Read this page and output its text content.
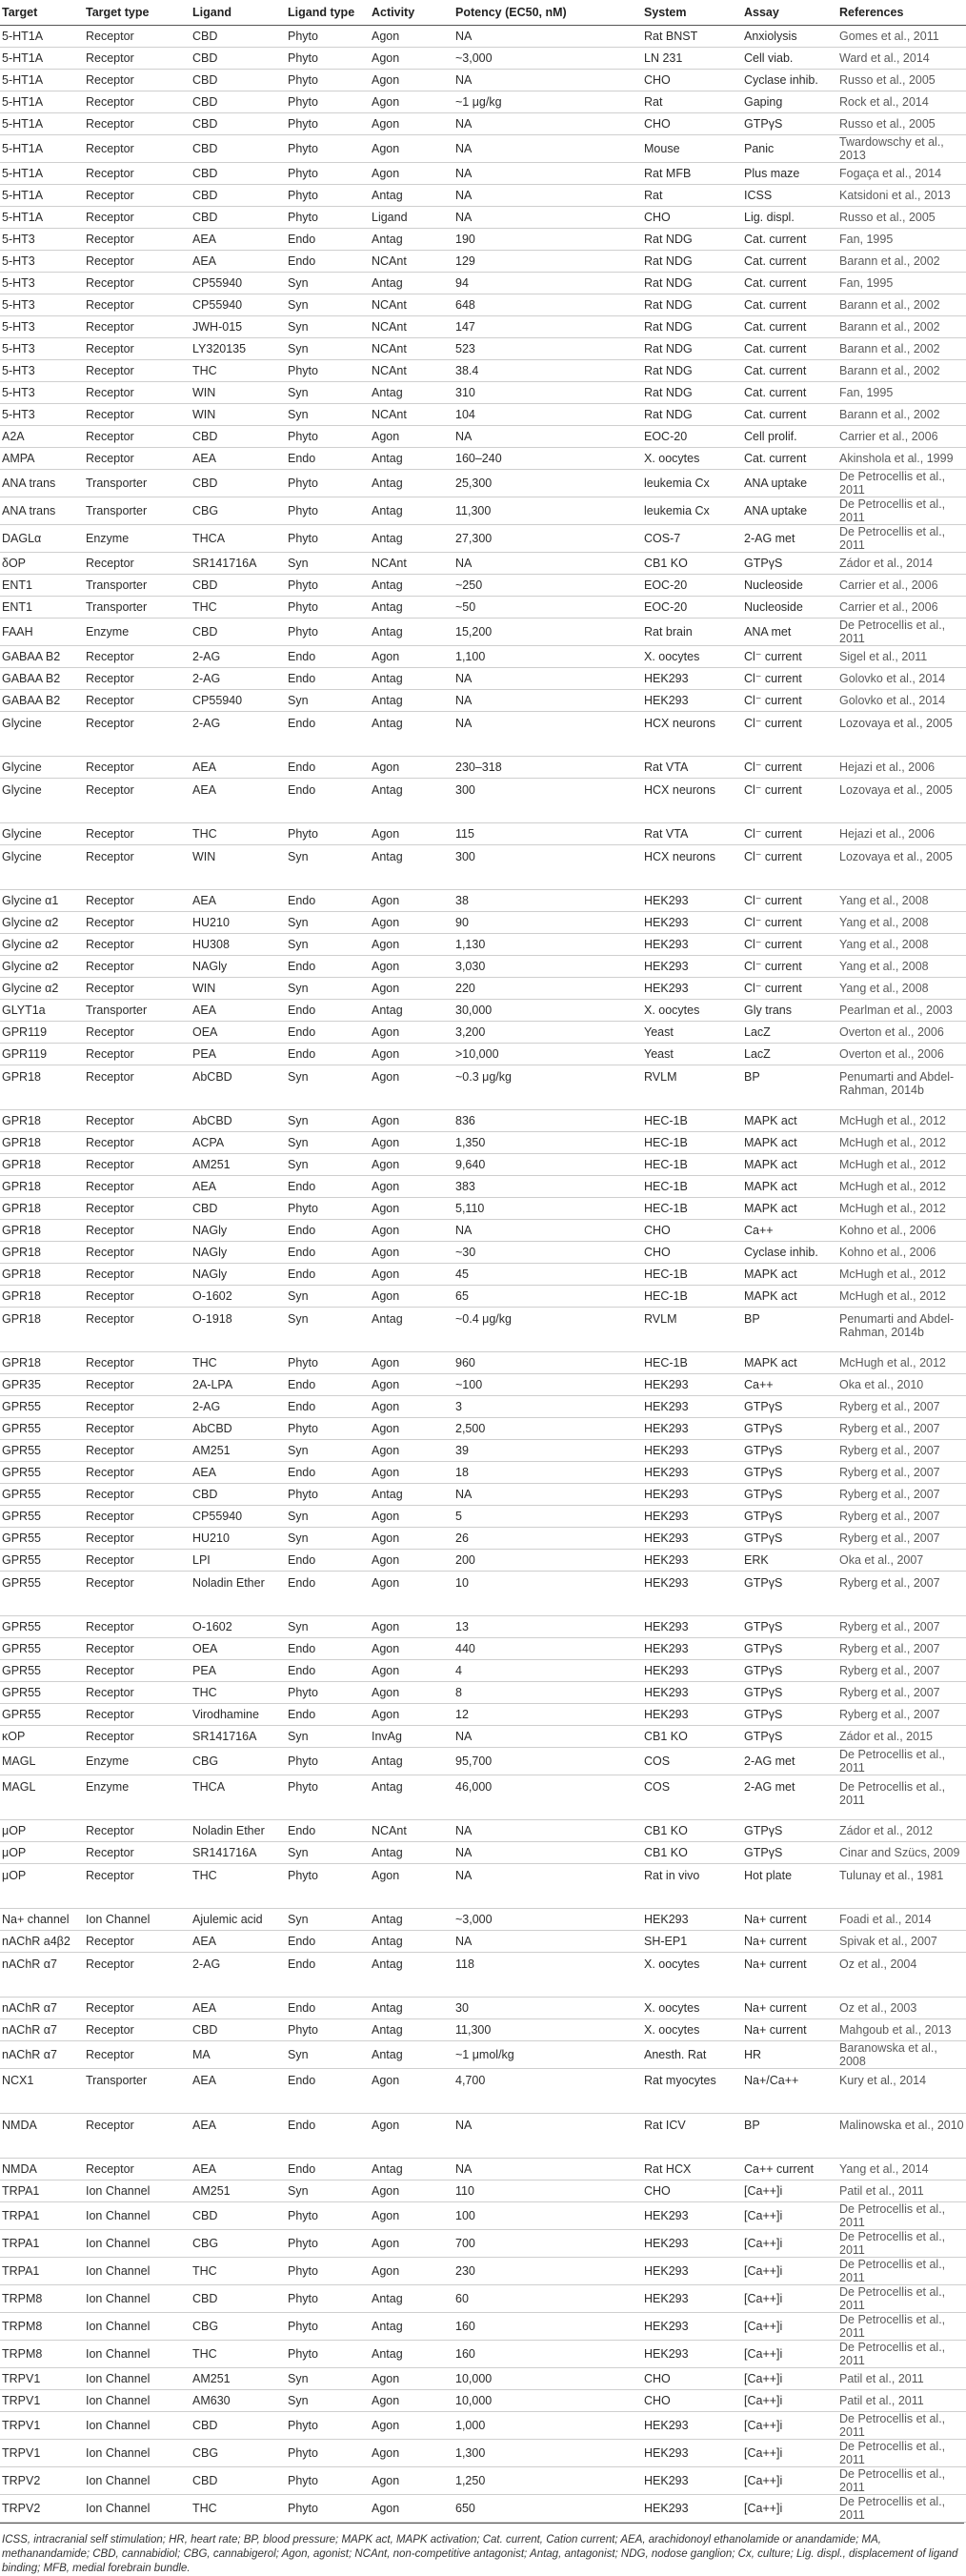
Target	Target type	Ligand	Ligand type	Activity	Potency (EC50, nM)	System	Assay	References
5-HT1A	Receptor	CBD	Phyto	Agon	NA	Rat BNST	Anxiolysis	Gomes et al., 2011
5-HT1A	Receptor	CBD	Phyto	Agon	~3,000	LN 231	Cell viab.	Ward et al., 2014
5-HT1A	Receptor	CBD	Phyto	Agon	NA	CHO	Cyclase inhib.	Russo et al., 2005
5-HT1A	Receptor	CBD	Phyto	Agon	~1 μg/kg	Rat	Gaping	Rock et al., 2014
5-HT1A	Receptor	CBD	Phyto	Agon	NA	CHO	GTPγS	Russo et al., 2005
5-HT1A	Receptor	CBD	Phyto	Agon	NA	Mouse	Panic	Twardowschy et al., 2013
5-HT1A	Receptor	CBD	Phyto	Agon	NA	Rat MFB	Plus maze	Fogaça et al., 2014
5-HT1A	Receptor	CBD	Phyto	Antag	NA	Rat	ICSS	Katsidoni et al., 2013
5-HT1A	Receptor	CBD	Phyto	Ligand	NA	CHO	Lig. displ.	Russo et al., 2005
5-HT3	Receptor	AEA	Endo	Antag	190	Rat NDG	Cat. current	Fan, 1995
5-HT3	Receptor	AEA	Endo	NCAnt	129	Rat NDG	Cat. current	Barann et al., 2002
5-HT3	Receptor	CP55940	Syn	Antag	94	Rat NDG	Cat. current	Fan, 1995
5-HT3	Receptor	CP55940	Syn	NCAnt	648	Rat NDG	Cat. current	Barann et al., 2002
5-HT3	Receptor	JWH-015	Syn	NCAnt	147	Rat NDG	Cat. current	Barann et al., 2002
5-HT3	Receptor	LY320135	Syn	NCAnt	523	Rat NDG	Cat. current	Barann et al., 2002
5-HT3	Receptor	THC	Phyto	NCAnt	38.4	Rat NDG	Cat. current	Barann et al., 2002
5-HT3	Receptor	WIN	Syn	Antag	310	Rat NDG	Cat. current	Fan, 1995
5-HT3	Receptor	WIN	Syn	NCAnt	104	Rat NDG	Cat. current	Barann et al., 2002
A2A	Receptor	CBD	Phyto	Agon	NA	EOC-20	Cell prolif.	Carrier et al., 2006
AMPA	Receptor	AEA	Endo	Antag	160–240	X. oocytes	Cat. current	Akinshola et al., 1999
ANA trans	Transporter	CBD	Phyto	Antag	25,300	leukemia Cx	ANA uptake	De Petrocellis et al., 2011
ANA trans	Transporter	CBG	Phyto	Antag	11,300	leukemia Cx	ANA uptake	De Petrocellis et al., 2011
DAGLα	Enzyme	THCA	Phyto	Antag	27,300	COS-7	2-AG met	De Petrocellis et al., 2011
δOP	Receptor	SR141716A	Syn	NCAnt	NA	CB1 KO	GTPγS	Zádor et al., 2014
ENT1	Transporter	CBD	Phyto	Antag	~250	EOC-20	Nucleoside	Carrier et al., 2006
ENT1	Transporter	THC	Phyto	Antag	~50	EOC-20	Nucleoside	Carrier et al., 2006
FAAH	Enzyme	CBD	Phyto	Antag	15,200	Rat brain	ANA met	De Petrocellis et al., 2011
GABAA B2	Receptor	2-AG	Endo	Agon	1,100	X. oocytes	Cl⁻ current	Sigel et al., 2011
GABAA B2	Receptor	2-AG	Endo	Antag	NA	HEK293	Cl⁻ current	Golovko et al., 2014
GABAA B2	Receptor	CP55940	Syn	Antag	NA	HEK293	Cl⁻ current	Golovko et al., 2014
Glycine	Receptor	2-AG	Endo	Antag	NA	HCX neurons	Cl⁻ current	Lozovaya et al., 2005
Glycine	Receptor	AEA	Endo	Agon	230–318	Rat VTA	Cl⁻ current	Hejazi et al., 2006
Glycine	Receptor	AEA	Endo	Antag	300	HCX neurons	Cl⁻ current	Lozovaya et al., 2005
Glycine	Receptor	THC	Phyto	Agon	115	Rat VTA	Cl⁻ current	Hejazi et al., 2006
Glycine	Receptor	WIN	Syn	Antag	300	HCX neurons	Cl⁻ current	Lozovaya et al., 2005
Glycine α1	Receptor	AEA	Endo	Agon	38	HEK293	Cl⁻ current	Yang et al., 2008
Glycine α2	Receptor	HU210	Syn	Agon	90	HEK293	Cl⁻ current	Yang et al., 2008
Glycine α2	Receptor	HU308	Syn	Agon	1,130	HEK293	Cl⁻ current	Yang et al., 2008
Glycine α2	Receptor	NAGly	Endo	Agon	3,030	HEK293	Cl⁻ current	Yang et al., 2008
Glycine α2	Receptor	WIN	Syn	Agon	220	HEK293	Cl⁻ current	Yang et al., 2008
GLYT1a	Transporter	AEA	Endo	Antag	30,000	X. oocytes	Gly trans	Pearlman et al., 2003
GPR119	Receptor	OEA	Endo	Agon	3,200	Yeast	LacZ	Overton et al., 2006
GPR119	Receptor	PEA	Endo	Agon	>10,000	Yeast	LacZ	Overton et al., 2006
GPR18	Receptor	AbCBD	Syn	Agon	~0.3 μg/kg	RVLM	BP	Penumarti and Abdel-Rahman, 2014b
GPR18	Receptor	AbCBD	Syn	Agon	836	HEC-1B	MAPK act	McHugh et al., 2012
GPR18	Receptor	ACPA	Syn	Agon	1,350	HEC-1B	MAPK act	McHugh et al., 2012
GPR18	Receptor	AM251	Syn	Agon	9,640	HEC-1B	MAPK act	McHugh et al., 2012
GPR18	Receptor	AEA	Endo	Agon	383	HEC-1B	MAPK act	McHugh et al., 2012
GPR18	Receptor	CBD	Phyto	Agon	5,110	HEC-1B	MAPK act	McHugh et al., 2012
GPR18	Receptor	NAGly	Endo	Agon	NA	CHO	Ca++	Kohno et al., 2006
GPR18	Receptor	NAGly	Endo	Agon	~30	CHO	Cyclase inhib.	Kohno et al., 2006
GPR18	Receptor	NAGly	Endo	Agon	45	HEC-1B	MAPK act	McHugh et al., 2012
GPR18	Receptor	O-1602	Syn	Agon	65	HEC-1B	MAPK act	McHugh et al., 2012
GPR18	Receptor	O-1918	Syn	Antag	~0.4 μg/kg	RVLM	BP	Penumarti and Abdel-Rahman, 2014b
GPR18	Receptor	THC	Phyto	Agon	960	HEC-1B	MAPK act	McHugh et al., 2012
GPR35	Receptor	2A-LPA	Endo	Agon	~100	HEK293	Ca++	Oka et al., 2010
GPR55	Receptor	2-AG	Endo	Agon	3	HEK293	GTPγS	Ryberg et al., 2007
GPR55	Receptor	AbCBD	Phyto	Agon	2,500	HEK293	GTPγS	Ryberg et al., 2007
GPR55	Receptor	AM251	Syn	Agon	39	HEK293	GTPγS	Ryberg et al., 2007
GPR55	Receptor	AEA	Endo	Agon	18	HEK293	GTPγS	Ryberg et al., 2007
GPR55	Receptor	CBD	Phyto	Antag	NA	HEK293	GTPγS	Ryberg et al., 2007
GPR55	Receptor	CP55940	Syn	Agon	5	HEK293	GTPγS	Ryberg et al., 2007
GPR55	Receptor	HU210	Syn	Agon	26	HEK293	GTPγS	Ryberg et al., 2007
GPR55	Receptor	LPI	Endo	Agon	200	HEK293	ERK	Oka et al., 2007
GPR55	Receptor	Noladin Ether	Endo	Agon	10	HEK293	GTPγS	Ryberg et al., 2007
GPR55	Receptor	O-1602	Syn	Agon	13	HEK293	GTPγS	Ryberg et al., 2007
GPR55	Receptor	OEA	Endo	Agon	440	HEK293	GTPγS	Ryberg et al., 2007
GPR55	Receptor	PEA	Endo	Agon	4	HEK293	GTPγS	Ryberg et al., 2007
GPR55	Receptor	THC	Phyto	Agon	8	HEK293	GTPγS	Ryberg et al., 2007
GPR55	Receptor	Virodhamine	Endo	Agon	12	HEK293	GTPγS	Ryberg et al., 2007
κOP	Receptor	SR141716A	Syn	InvAg	NA	CB1 KO	GTPγS	Zádor et al., 2015
MAGL	Enzyme	CBG	Phyto	Antag	95,700	COS	2-AG met	De Petrocellis et al., 2011
MAGL	Enzyme	THCA	Phyto	Antag	46,000	COS	2-AG met	De Petrocellis et al., 2011
μOP	Receptor	Noladin Ether	Endo	NCAnt	NA	CB1 KO	GTPγS	Zádor et al., 2012
μOP	Receptor	SR141716A	Syn	Antag	NA	CB1 KO	GTPγS	Cinar and Szücs, 2009
μOP	Receptor	THC	Phyto	Agon	NA	Rat in vivo	Hot plate	Tulunay et al., 1981
Na+ channel	Ion Channel	Ajulemic acid	Syn	Antag	~3,000	HEK293	Na+ current	Foadi et al., 2014
nAChR a4β2	Receptor	AEA	Endo	Antag	NA	SH-EP1	Na+ current	Spivak et al., 2007
nAChR α7	Receptor	2-AG	Endo	Antag	118	X. oocytes	Na+ current	Oz et al., 2004
nAChR α7	Receptor	AEA	Endo	Antag	30	X. oocytes	Na+ current	Oz et al., 2003
nAChR α7	Receptor	CBD	Phyto	Antag	11,300	X. oocytes	Na+ current	Mahgoub et al., 2013
nAChR α7	Receptor	MA	Syn	Antag	~1 μmol/kg	Anesth. Rat	HR	Baranowska et al., 2008
NCX1	Transporter	AEA	Endo	Agon	4,700	Rat myocytes	Na+/Ca++	Kury et al., 2014
NMDA	Receptor	AEA	Endo	Agon	NA	Rat ICV	BP	Malinowska et al., 2010
NMDA	Receptor	AEA	Endo	Antag	NA	Rat HCX	Ca++ current	Yang et al., 2014
TRPA1	Ion Channel	AM251	Syn	Agon	110	CHO	[Ca++]i	Patil et al., 2011
TRPA1	Ion Channel	CBD	Phyto	Agon	100	HEK293	[Ca++]i	De Petrocellis et al., 2011
TRPA1	Ion Channel	CBG	Phyto	Agon	700	HEK293	[Ca++]i	De Petrocellis et al., 2011
TRPA1	Ion Channel	THC	Phyto	Agon	230	HEK293	[Ca++]i	De Petrocellis et al., 2011
TRPM8	Ion Channel	CBD	Phyto	Antag	60	HEK293	[Ca++]i	De Petrocellis et al., 2011
TRPM8	Ion Channel	CBG	Phyto	Antag	160	HEK293	[Ca++]i	De Petrocellis et al., 2011
TRPM8	Ion Channel	THC	Phyto	Antag	160	HEK293	[Ca++]i	De Petrocellis et al., 2011
TRPV1	Ion Channel	AM251	Syn	Agon	10,000	CHO	[Ca++]i	Patil et al., 2011
TRPV1	Ion Channel	AM630	Syn	Agon	10,000	CHO	[Ca++]i	Patil et al., 2011
TRPV1	Ion Channel	CBD	Phyto	Agon	1,000	HEK293	[Ca++]i	De Petrocellis et al., 2011
TRPV1	Ion Channel	CBG	Phyto	Agon	1,300	HEK293	[Ca++]i	De Petrocellis et al., 2011
TRPV2	Ion Channel	CBD	Phyto	Agon	1,250	HEK293	[Ca++]i	De Petrocellis et al., 2011
TRPV2	Ion Channel	THC	Phyto	Agon	650	HEK293	[Ca++]i	De Petrocellis et al., 2011
ICSS, intracranial self stimulation; HR, heart rate; BP, blood pressure; MAPK act, MAPK activation; Cat. current, Cation current; AEA, arachidonoyl ethanolamide or anandamide; MA, methanandamide; CBD, cannabidiol; CBG, cannabigerol; Agon, agonist; NCAnt, non-competitive antagonist; Antag, antagonist; NDG, nodose ganglion; Cx, culture; Lig. displ., displacement of ligand binding; MFB, medial forebrain bundle.
